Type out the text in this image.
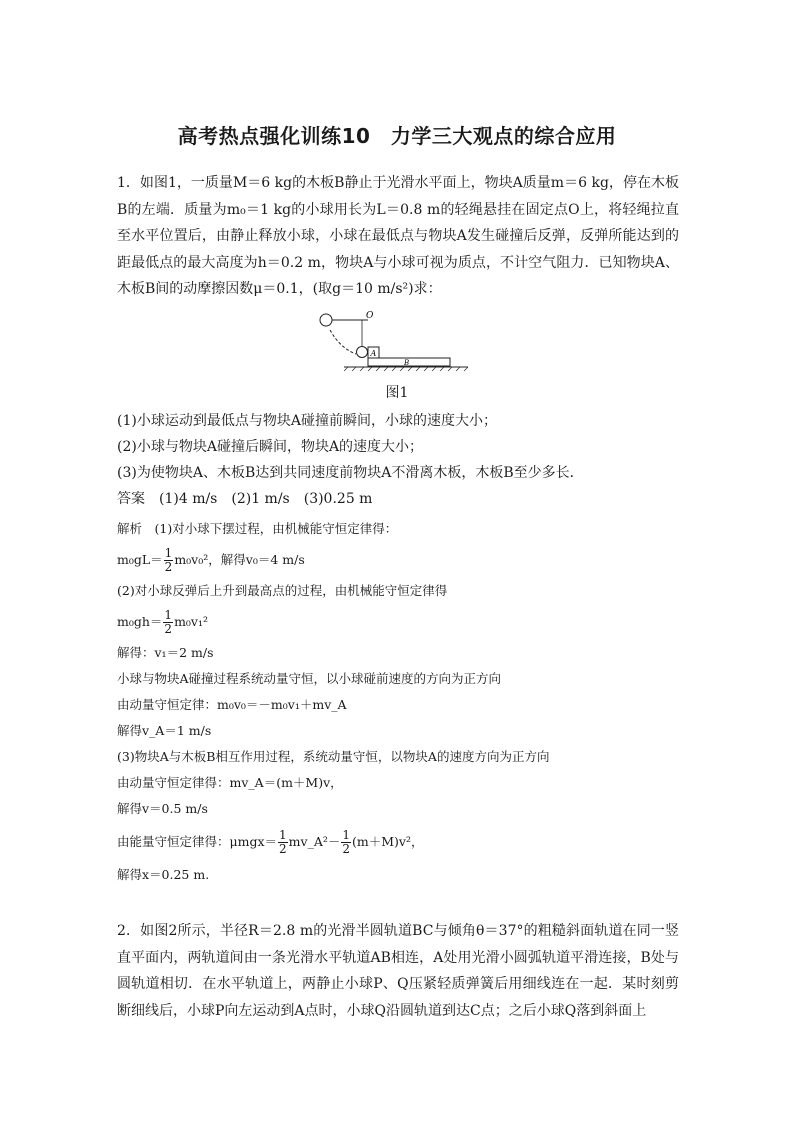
高考热点强化训练10　力学三大观点的综合应用

1．如图1，一质量M＝6 kg的木板B静止于光滑水平面上，物块A质量m＝6 kg，停在木板B的左端．质量为m₀＝1 kg的小球用长为L＝0.8 m的轻绳悬挂在固定点O上，将轻绳拉直至水平位置后，由静止释放小球，小球在最低点与物块A发生碰撞后反弹，反弹所能达到的距最低点的最大高度为h＝0.2 m，物块A与小球可视为质点，不计空气阻力．已知物块A、木板B间的动摩擦因数μ＝0.1，(取g＝10 m/s²)求：

O
A
B
图1

(1)小球运动到最低点与物块A碰撞前瞬间，小球的速度大小；

(2)小球与物块A碰撞后瞬间，物块A的速度大小；

(3)为使物块A、木板B达到共同速度前物块A不滑离木板，木板B至少多长．

答案　(1)4 m/s　(2)1 m/s　(3)0.25 m

解析　(1)对小球下摆过程，由机械能守恒定律得：

$m_0gL= \frac{1}{2} m_0v_0^2$，解得v₀＝4 m/s

(2)对小球反弹后上升到最高点的过程，由机械能守恒定律得

$m_0gh= \frac{1}{2} m_0v_1^2$

解得：v₁＝2 m/s

小球与物块A碰撞过程系统动量守恒，以小球碰前速度的方向为正方向

由动量守恒定律：m₀v₀＝－m₀v₁＋mv_A

解得v_A＝1 m/s

(3)物块A与木板B相互作用过程，系统动量守恒，以物块A的速度方向为正方向

由动量守恒定律得：mv_A＝(m＋M)v，

解得v＝0.5 m/s

由能量守恒定律得：$\mu mgx= \frac{1}{2}$ mv_A²－ $\frac{1}{2} (m+M)v^2$，

解得x＝0.25 m.

2．如图2所示，半径R＝2.8 m的光滑半圆轨道BC与倾角θ＝37°的粗糙斜面轨道在同一竖直平面内，两轨道间由一条光滑水平轨道AB相连，A处用光滑小圆弧轨道平滑连接，B处与圆轨道相切．在水平轨道上，两静止小球P、Q压紧轻质弹簧后用细线连在一起．某时刻剪断细线后，小球P向左运动到A点时，小球Q沿圆轨道到达C点；之后小球Q落到斜面上
